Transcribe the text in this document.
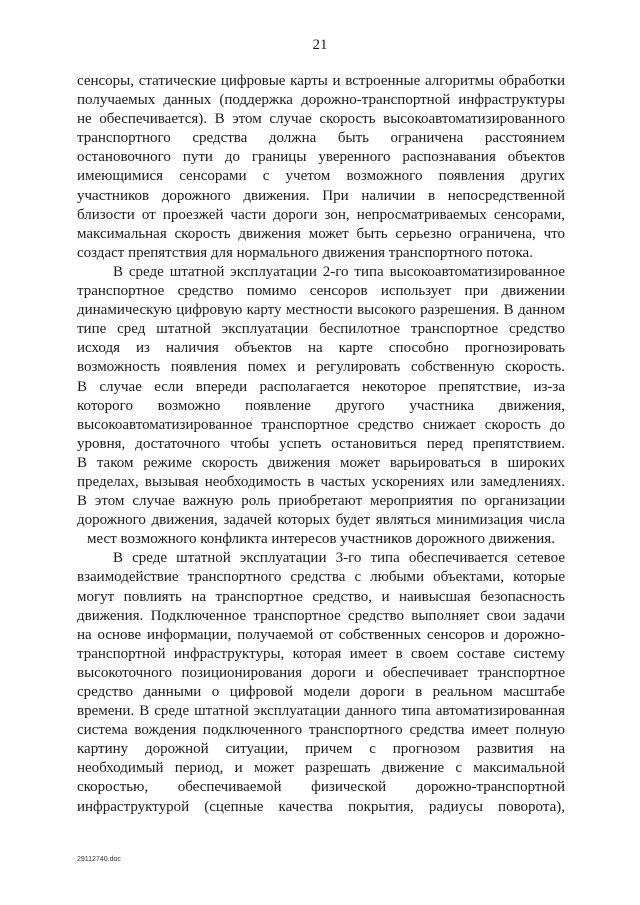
21

сенсоры, статические цифровые карты и встроенные алгоритмы обработки

получаемых данных (поддержка дорожно-транспортной инфраструктуры

не обеспечивается). В этом случае скорость высокоавтоматизированного

транспортного средства должна быть ограничена расстоянием

остановочного пути до границы уверенного распознавания объектов

имеющимися сенсорами с учетом возможного появления других

участников дорожного движения. При наличии в непосредственной

близости от проезжей части дороги зон, непросматриваемых сенсорами,

максимальная скорость движения может быть серьезно ограничена, что

создаст препятствия для нормального движения транспортного потока.

В среде штатной эксплуатации 2-го типа высокоавтоматизированное

транспортное средство помимо сенсоров использует при движении

динамическую цифровую карту местности высокого разрешения. В данном

типе сред штатной эксплуатации беспилотное транспортное средство

исходя из наличия объектов на карте способно прогнозировать

возможность появления помех и регулировать собственную скорость.

В случае если впереди располагается некоторое препятствие, из-за

которого возможно появление другого участника движения,

высокоавтоматизированное транспортное средство снижает скорость до

уровня, достаточного чтобы успеть остановиться перед препятствием.

В таком режиме скорость движения может варьироваться в широких

пределах, вызывая необходимость в частых ускорениях или замедлениях.

В этом случае важную роль приобретают мероприятия по организации

дорожного движения, задачей которых будет являться минимизация числа

мест возможного конфликта интересов участников дорожного движения.

В среде штатной эксплуатации 3-го типа обеспечивается сетевое

взаимодействие транспортного средства с любыми объектами, которые

могут повлиять на транспортное средство, и наивысшая безопасность

движения. Подключенное транспортное средство выполняет свои задачи

на основе информации, получаемой от собственных сенсоров и дорожно-

транспортной инфраструктуры, которая имеет в своем составе систему

высокоточного позиционирования дороги и обеспечивает транспортное

средство данными о цифровой модели дороги в реальном масштабе

времени. В среде штатной эксплуатации данного типа автоматизированная

система вождения подключенного транспортного средства имеет полную

картину дорожной ситуации, причем с прогнозом развития на

необходимый период, и может разрешать движение с максимальной

скоростью, обеспечиваемой физической дорожно-транспортной

инфраструктурой (сцепные качества покрытия, радиусы поворота),

29112740.doc
